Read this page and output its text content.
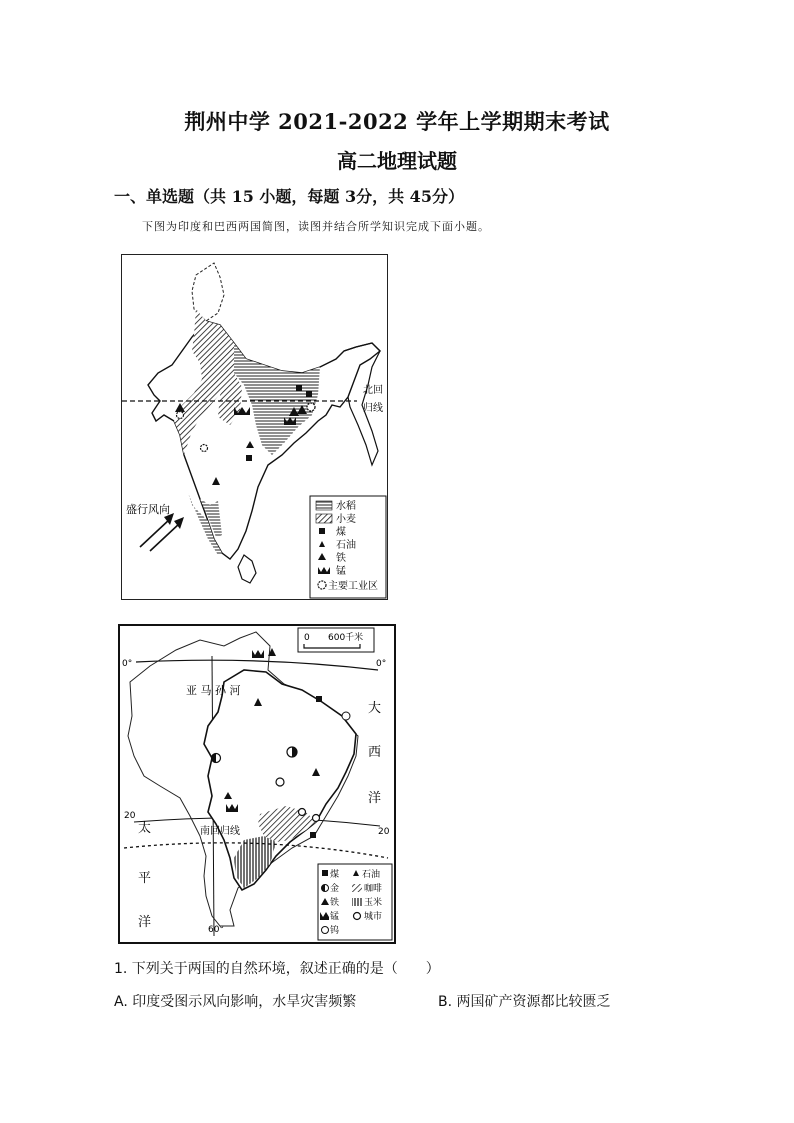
荆州中学 2021-2022 学年上学期期末考试
高二地理试题
一、单选题（共 15 小题，每题 3分，共 45分）
下图为印度和巴西两国简图，读图并结合所学知识完成下面小题。
北回
归线
盛行风向	水稻
小麦
煤
石油
铁
锰
主要工业区
0 600千米
0°	0°
20
20
60°
南回归线
亚 马 孙 河
大
西
洋
太
平
洋
煤	石油
金	咖啡
铁	玉米
锰	城市
钨
1. 下列关于两国的自然环境，叙述正确的是（　　）
A. 印度受图示风向影响，水旱灾害频繁	B. 两国矿产资源都比较匮乏
